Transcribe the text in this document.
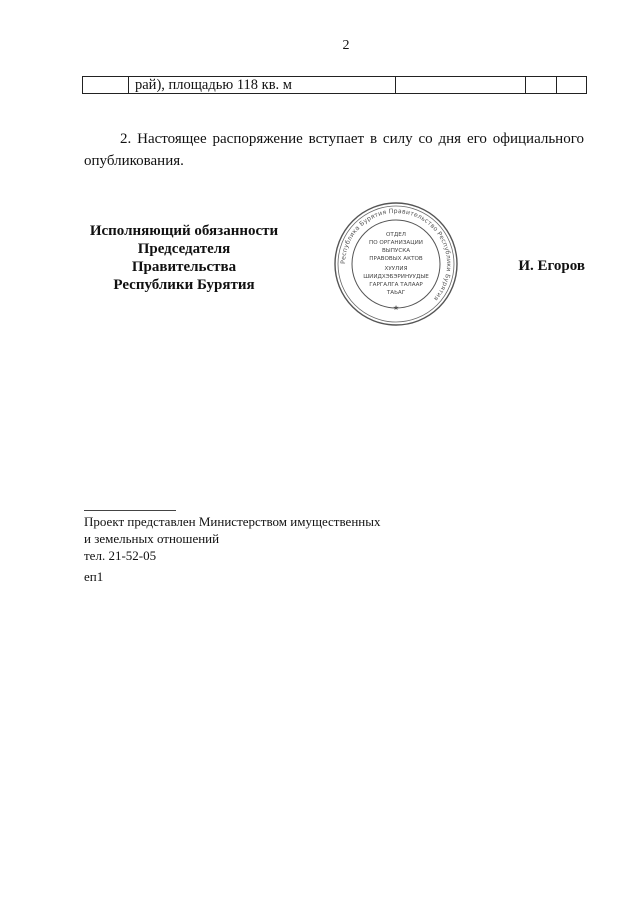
2
	рай), площадью 118 кв. м			
2. Настоящее распоряжение вступает в силу со дня его официального опубликования.
Исполняющий обязанности
Председателя Правительства
Республики Бурятия
Республика Бурятия Правительство Республики Бурятия
ОТДЕЛ
ПО ОРГАНИЗАЦИИ
ВЫПУСКА
ПРАВОВЫХ АКТОВ
ХУУЛИЯ
ШИИДХЭБЭРИНУУДЫЕ
ГАРГАЛГА ТАЛААР
ТАЬАГ
★
И. Егоров
Проект представлен Министерством имущественных
и земельных отношений
тел. 21-52-05
еп1
